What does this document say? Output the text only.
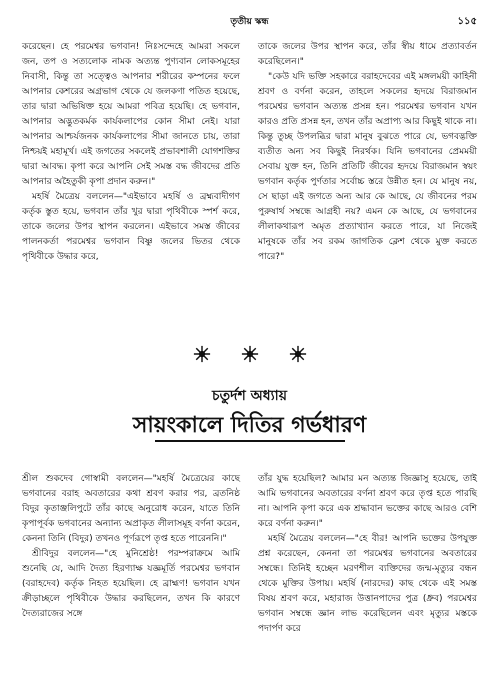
তৃতীয় স্কন্ধ	১১৫

করেছেন। হে পরমেশ্বর ভগবান! নিঃসন্দেহে আমরা সকলে জন, তপ ও সত্যলোক নামক অত্যন্ত পুণ্যবান লোকসমূহের নিবাসী, কিন্তু তা সত্ত্বেও আপনার শরীরের কম্পনের ফলে আপনার কেশরের অগ্রভাগ থেকে যে জলকণা পতিত হয়েছে, তার দ্বারা অভিষিক্ত হয়ে আমরা পবিত্র হয়েছি। হে ভগবান, আপনার অদ্ভুতকর্মক কার্যকলাপের কোন সীমা নেই। যারা আপনার আশ্চর্যজনক কার্যকলাপের সীমা জানতে চায়, তারা নিশ্চয়ই মহামূর্খ। এই জগতের সকলেই প্রভাবশালী যোগশক্তির দ্বারা আবদ্ধ। কৃপা করে আপনি সেই সমস্ত বদ্ধ জীবদের প্রতি আপনার অহৈতুকী কৃপা প্রদান করুন।"

মহর্ষি মৈত্রেয় বললেন—"এইভাবে মহর্ষি ও ব্রহ্মবাদীগণ কর্তৃক স্তুত হয়ে, ভগবান তাঁর খুর দ্বারা পৃথিবীকে স্পর্শ করে, তাকে জলের উপর স্থাপন করলেন। এইভাবে সমস্ত জীবের পালনকর্তা পরমেশ্বর ভগবান বিষ্ণু জলের ভিতর থেকে পৃথিবীকে উদ্ধার করে,

তাকে জলের উপর স্থাপন করে, তাঁর স্বীয় ধামে প্রত্যাবর্তন করেছিলেন।"

"কেউ যদি ভক্তি সহকারে বরাহদেবের এই মঙ্গলময়ী কাহিনী শ্রবণ ও বর্ণনা করেন, তাহলে সকলের হৃদয়ে বিরাজমান পরমেশ্বর ভগবান অত্যন্ত প্রসন্ন হন। পরমেশ্বর ভগবান যখন কারও প্রতি প্রসন্ন হন, তখন তাঁর অপ্রাপ্য আর কিছুই থাকে না। কিন্তু তুচ্ছ উপলব্ধির দ্বারা মানুষ বুঝতে পারে যে, ভগবদ্ভক্তি ব্যতীত অন্য সব কিছুই নিরর্থক। যিনি ভগবানের প্রেমময়ী সেবায় যুক্ত হন, তিনি প্রতিটি জীবের হৃদয়ে বিরাজমান স্বয়ং ভগবান কর্তৃক পুর্ণতার সর্বোচ্চ স্তরে উন্নীত হন। যে মানুষ নয়, সে ছাড়া এই জগতে অন্য আর কে আছে, যে জীবনের পরম পুরুষার্থ সম্বন্ধে আগ্রহী নয়? এমন কে আছে, যে ভগবানের লীলাকথারূপ অমৃত প্রত্যাখ্যান করতে পারে, যা নিজেই মানুষকে তাঁর সব রকম জাগতিক ক্লেশ থেকে মুক্ত করতে পারে?"

চতুর্দশ অধ্যায়
সায়ংকালে দিতির গর্ভধারণ

শ্রীল শুকদেব গোস্বামী বললেন—"মহর্ষি মৈত্রেয়ের কাছে ভগবানের বরাহ অবতারের কথা শ্রবণ করার পর, ব্রতনিষ্ঠ বিদুর কৃতাঞ্জলিপুটে তাঁর কাছে অনুরোধ করেন, যাতে তিনি কৃপাপূর্বক ভগবানের অন্যান্য অপ্রাকৃত লীলাসমূহ বর্ণনা করেন, কেননা তিনি (বিদুর) তখনও পূর্ণরূপে তৃপ্ত হতে পারেননি।"

শ্রীবিদুর বললেন—"হে মুনিশ্রেষ্ঠ! পরম্পরাক্রমে আমি শুনেছি যে, আদি দৈত্য হিরণ্যাক্ষ যজ্ঞমূর্তি পরমেশ্বর ভগবান (বরাহদেব) কর্তৃক নিহত হয়েছিল। হে ব্রাহ্মণ! ভগবান যখন ক্রীড়াচ্ছলে পৃথিবীকে উদ্ধার করছিলেন, তখন কি কারণে দৈত্যরাজের সঙ্গে

তাঁর যুদ্ধ হয়েছিল? আমার মন অত্যন্ত জিজ্ঞাসু হয়েছে, তাই আমি ভগবানের অবতারের বর্ণনা শ্রবণ করে তৃপ্ত হতে পারছি না। আপনি কৃপা করে এক শ্রদ্ধাবান ভক্তের কাছে আরও বেশি করে বর্ণনা করুন।"

মহর্ষি মৈত্রেয় বললেন—"হে বীর! আপনি ভক্তের উপযুক্ত প্রশ্ন করেছেন, কেননা তা পরমেশ্বর ভগবানের অবতারের সম্বন্ধে। তিনিই হচ্ছেন মরণশীল ব্যক্তিদের জন্ম-মৃত্যুর বন্ধন থেকে মুক্তির উপায়। মহর্ষি (নারদের) কাছ থেকে এই সমস্ত বিষয় শ্রবণ করে, মহারাজ উত্তানপাদের পুত্র (ধ্রুব) পরমেশ্বর ভগবান সম্বন্ধে জ্ঞান লাভ করেছিলেন এবং মৃত্যুর মস্তকে পদার্পণ করে
